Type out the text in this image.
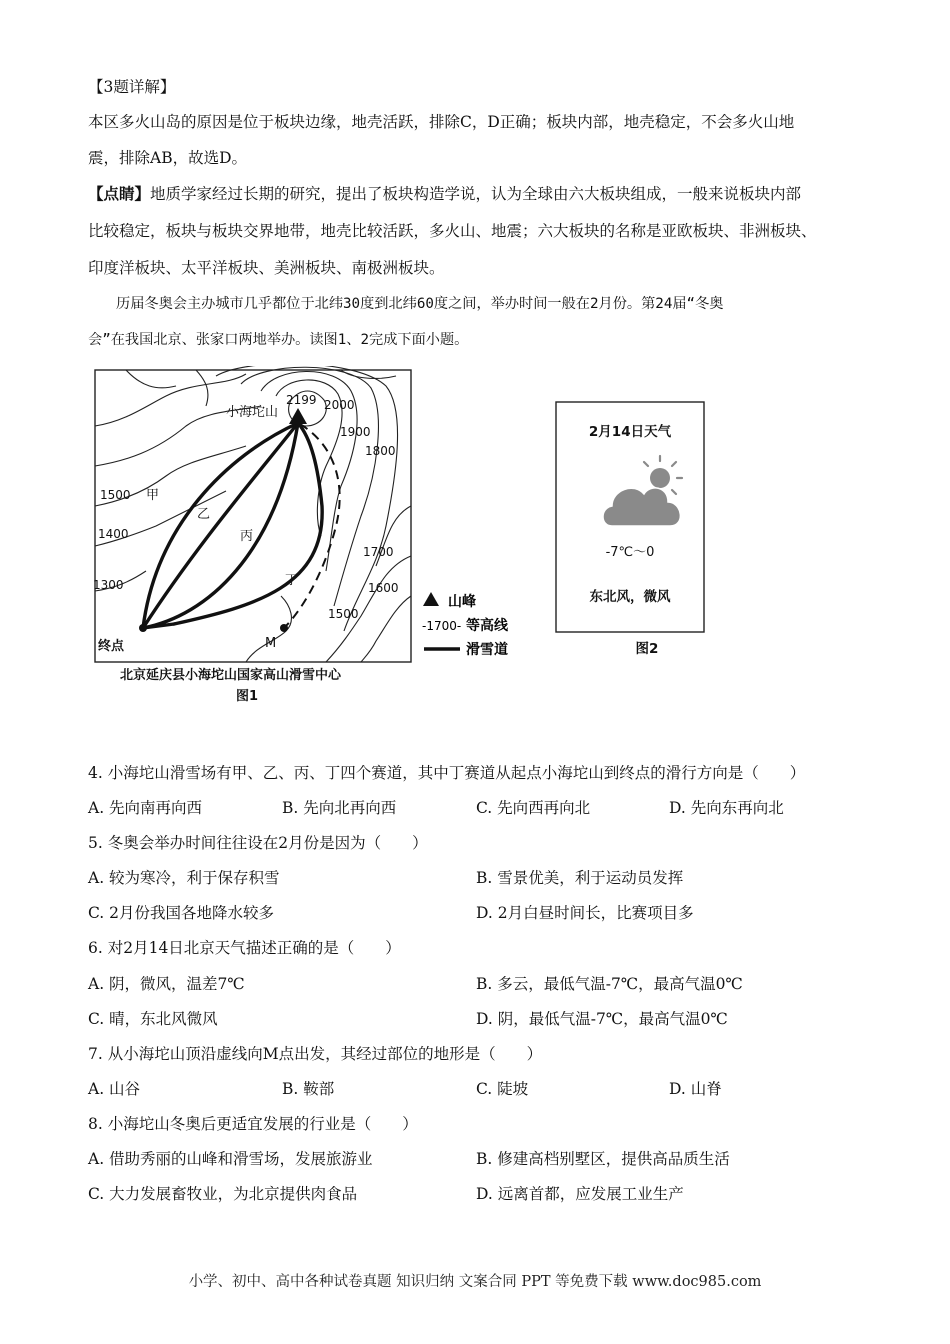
【3题详解】
本区多火山岛的原因是位于板块边缘，地壳活跃，排除C，D正确；板块内部，地壳稳定，不会多火山地
震，排除AB，故选D。
【点睛】地质学家经过长期的研究，提出了板块构造学说，认为全球由六大板块组成，一般来说板块内部
比较稳定，板块与板块交界地带，地壳比较活跃，多火山、地震；六大板块的名称是亚欧板块、非洲板块、
印度洋板块、太平洋板块、美洲板块、南极洲板块。
历届冬奥会主办城市几乎都位于北纬30度到北纬60度之间，举办时间一般在2月份。第24届“冬奥
会”在我国北京、张家口两地举办。读图1、2完成下面小题。
小海坨山
2199 2000
1900
1800
1700
1600
1500
1500
1400
1300
甲
乙
丙
丁
终点	M
北京延庆县小海坨山国家高山滑雪中心
图1
山峰
-1700- 等高线
滑雪道
2月14日天气
-7℃～0
东北风，微风
图2
4. 小海坨山滑雪场有甲、乙、丙、丁四个赛道，其中丁赛道从起点小海坨山到终点的滑行方向是（　　）
A. 先向南再向西	B. 先向北再向西	C. 先向西再向北	D. 先向东再向北
5. 冬奥会举办时间往往设在2月份是因为（　　）
A. 较为寒冷，利于保存积雪	B. 雪景优美，利于运动员发挥
C. 2月份我国各地降水较多	D. 2月白昼时间长，比赛项目多
6. 对2月14日北京天气描述正确的是（　　）
A. 阴，微风，温差7℃	B. 多云，最低气温-7℃，最高气温0℃
C. 晴，东北风微风	D. 阴，最低气温-7℃，最高气温0℃
7. 从小海坨山顶沿虚线向M点出发，其经过部位的地形是（　　）
A. 山谷	B. 鞍部	C. 陡坡	D. 山脊
8. 小海坨山冬奥后更适宜发展的行业是（　　）
A. 借助秀丽的山峰和滑雪场，发展旅游业	B. 修建高档别墅区，提供高品质生活
C. 大力发展畜牧业，为北京提供肉食品	D. 远离首都，应发展工业生产
小学、初中、高中各种试卷真题 知识归纳 文案合同 PPT 等免费下载 www.doc985.com
